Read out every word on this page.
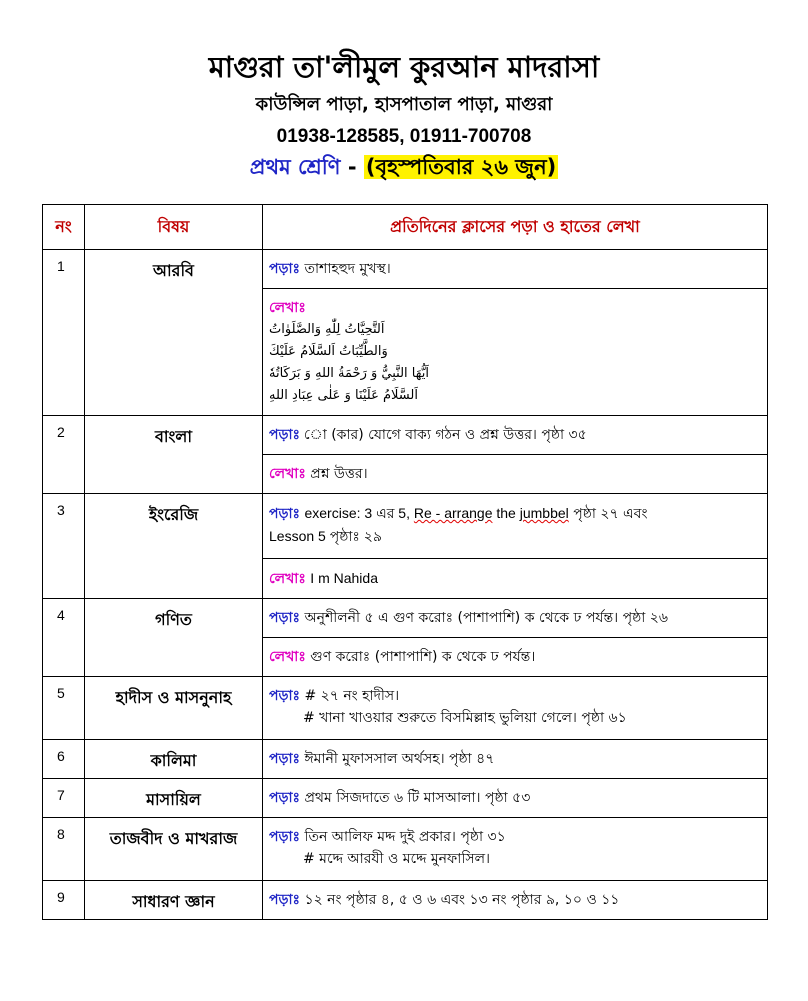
মাগুরা তা'লীমুল কুরআন মাদরাসা
কাউন্সিল পাড়া, হাসপাতাল পাড়া, মাগুরা
01938-128585, 01911-700708
প্রথম শ্রেণি - (বৃহস্পতিবার ২৬ জুন)
নং	বিষয়	প্রতিদিনের ক্লাসের পড়া ও হাতের লেখা
1	আরবি	পড়াঃ তাশাহহুদ মুখস্থ।

		লেখাঃ
اَلتَّحِيَّاتُ لِلّٰهِ وَالصَّلَوٰاتُ
وَالطَّيِّبَاتُ اَلسَّلَامُ عَلَيْكَ
اَيُّهَا النَّبِيُّ وَ رَحْمَةُ اللهِ وَ بَرَكَاتُهٗ
اَلسَّلَامُ عَلَيْنَا وَ عَلٰى عِبَادِ اللهِ

2	বাংলা	পড়াঃ ো (কার) যোগে বাক্য গঠন ও প্রশ্ন উত্তর। পৃষ্ঠা ৩৫
		লেখাঃ প্রশ্ন উত্তর।
3	ইংরেজি	পড়াঃ exercise: 3 এর 5, Re - arrange the jumbbel পৃষ্ঠা ২৭ এবং
Lesson 5 পৃষ্ঠাঃ ২৯
		লেখাঃ I m Nahida
4	গণিত	পড়াঃ অনুশীলনী ৫ এ গুণ করোঃ (পাশাপাশি) ক থেকে ঢ পর্যন্ত। পৃষ্ঠা ২৬
		লেখাঃ গুণ করোঃ (পাশাপাশি) ক থেকে ঢ পর্যন্ত।
5	হাদীস ও মাসনুনাহ	পড়াঃ # ২৭ নং হাদীস।
# খানা খাওয়ার শুরুতে বিসমিল্লাহ ভুলিয়া গেলে। পৃষ্ঠা ৬১
6	কালিমা	পড়াঃ ঈমানী মুফাসসাল অর্থসহ। পৃষ্ঠা ৪৭
7	মাসায়িল	পড়াঃ প্রথম সিজদাতে ৬ টি মাসআলা। পৃষ্ঠা ৫৩
8	তাজবীদ ও মাখরাজ	পড়াঃ তিন আলিফ মদ্দ দুই প্রকার। পৃষ্ঠা ৩১
# মদ্দে আরযী ও মদ্দে মুনফাসিল।
9	সাধারণ জ্ঞান	পড়াঃ ১২ নং পৃষ্ঠার ৪, ৫ ও ৬ এবং ১৩ নং পৃষ্ঠার ৯, ১০ ও ১১
